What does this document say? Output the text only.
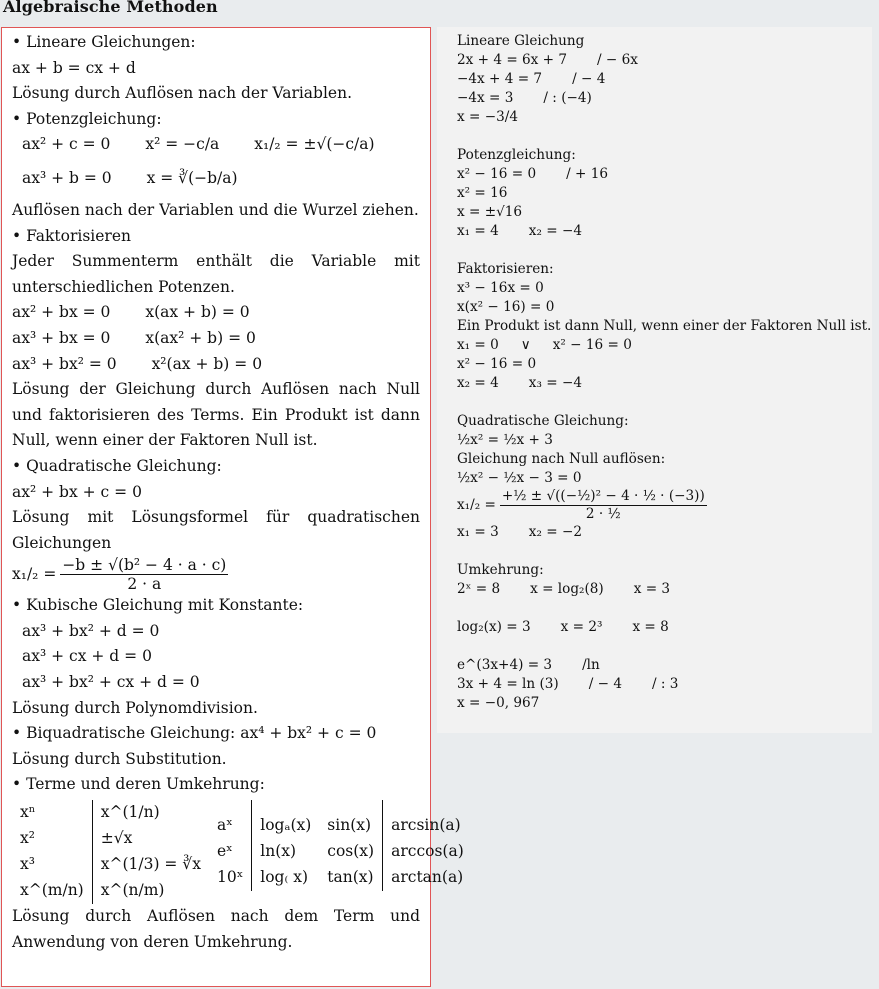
Algebraische Methoden
• Lineare Gleichungen:
ax + b = cx + d
Lösung durch Auflösen nach der Variablen.
• Potenzgleichung:
ax² + c = 0 x² = −c/a x₁/₂ = ±√(−c/a)
ax³ + b = 0 x = ∛(−b/a)
Auflösen nach der Variablen und die Wurzel ziehen.
• Faktorisieren
Jeder Summenterm enthält die Variable mit unterschiedlichen Potenzen.
ax² + bx = 0 x(ax + b) = 0
ax³ + bx = 0 x(ax² + b) = 0
ax³ + bx² = 0 x²(ax + b) = 0
Lösung der Gleichung durch Auflösen nach Null und faktorisieren des Terms. Ein Produkt ist dann Null, wenn einer der Faktoren Null ist.
• Quadratische Gleichung:
ax² + bx + c = 0
Lösung mit Lösungsformel für quadratischen Gleichungen
$x_1/_2 = \frac{\text{−b ± √(b² − 4 · a · c)}}{2 \cdot a}$
• Kubische Gleichung mit Konstante:
ax³ + bx² + d = 0
ax³ + cx + d = 0
ax³ + bx² + cx + d = 0
Lösung durch Polynomdivision.
• Biquadratische Gleichung: ax⁴ + bx² + c = 0
Lösung durch Substitution.
• Terme und deren Umkehrung:
xⁿ
x²
x³
x^(m/n)
x^(1/n)
±√x
x^(1/3) = ∛x
x^(n/m)
aˣ
eˣ
10ˣ
logₐ(x)
ln(x)
log₍ x)
sin(x)
cos(x)
tan(x)
arcsin(a)
arccos(a)
arctan(a)
Lösung durch Auflösen nach dem Term und Anwendung von deren Umkehrung.
Lineare Gleichung
2x + 4 = 6x + 7 / − 6x
−4x + 4 = 7 / − 4
−4x = 3 / : (−4)
x = −3/4
Potenzgleichung:
x² − 16 = 0 / + 16
x² = 16
x = ±√16
x₁ = 4 x₂ = −4
Faktorisieren:
x³ − 16x = 0
x(x² − 16) = 0
Ein Produkt ist dann Null, wenn einer der Faktoren Null ist.
x₁ = 0 ∨ x² − 16 = 0
x² − 16 = 0
x₂ = 4 x₃ = −4
Quadratische Gleichung:
½x² = ½x + 3
Gleichung nach Null auflösen:
½x² − ½x − 3 = 0
$x_1/_2 = \frac{\text{+½ ± √((−½)² − 4 · ½ · (−3))}}{\text{2 · ½}}$
x₁ = 3 x₂ = −2
Umkehrung:
2ˣ = 8 x = log₂(8) x = 3
log₂(x) = 3 x = 2³ x = 8
e^(3x+4) = 3 /ln
3x + 4 = ln (3) / − 4 / : 3
x = −0, 967
